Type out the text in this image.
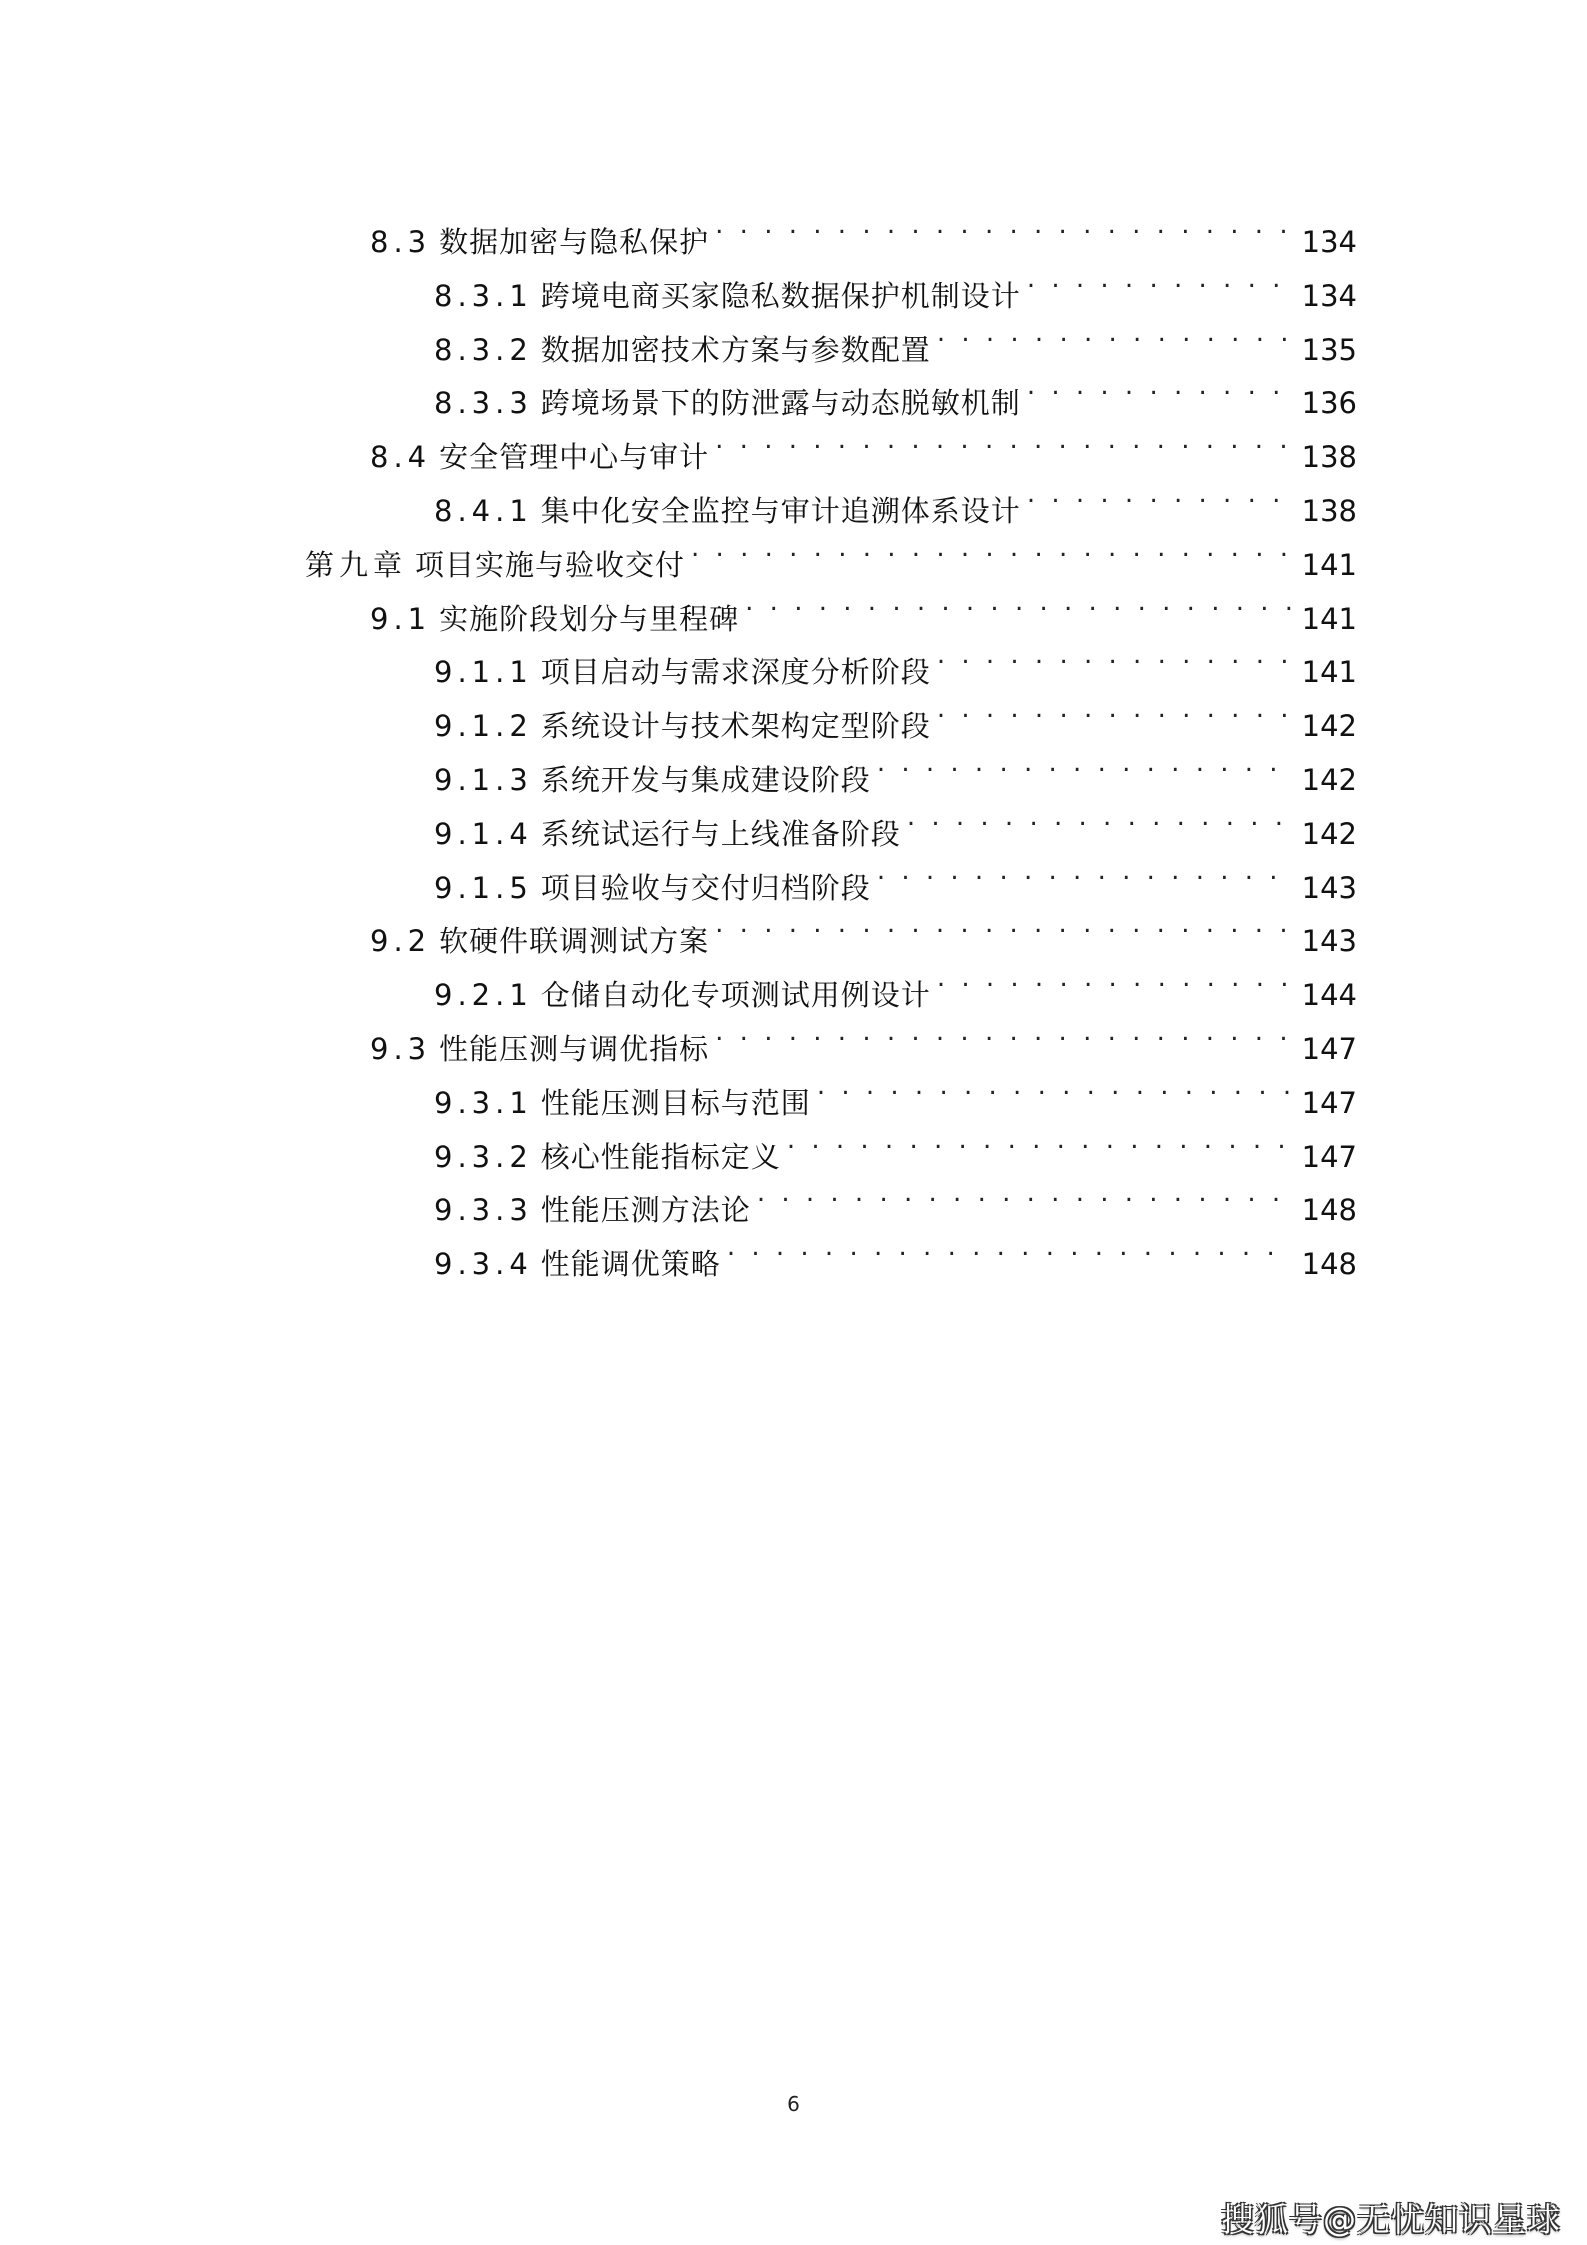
8.3 数据加密与隐私保护 . . .	134
8.3.1 跨境电商买家隐私数据保护机制设计 . . .	134
8.3.2 数据加密技术方案与参数配置 . . .	135
8.3.3 跨境场景下的防泄露与动态脱敏机制 . . .	136
8.4 安全管理中心与审计 . . .	138
8.4.1 集中化安全监控与审计追溯体系设计 . . .	138
第九章 项目实施与验收交付 . . .	141
9.1 实施阶段划分与里程碑 . . .	141
9.1.1 项目启动与需求深度分析阶段 . . .	141
9.1.2 系统设计与技术架构定型阶段 . . .	142
9.1.3 系统开发与集成建设阶段 . . .	142
9.1.4 系统试运行与上线准备阶段 . . .	142
9.1.5 项目验收与交付归档阶段 . . .	143
9.2 软硬件联调测试方案 . . .	143
9.2.1 仓储自动化专项测试用例设计 . . .	144
9.3 性能压测与调优指标 . . .	147
9.3.1 性能压测目标与范围 . . .	147
9.3.2 核心性能指标定义 . . .	147
9.3.3 性能压测方法论 . . .	148
9.3.4 性能调优策略 . . .	148
6
搜狐号@无忧知识星球
